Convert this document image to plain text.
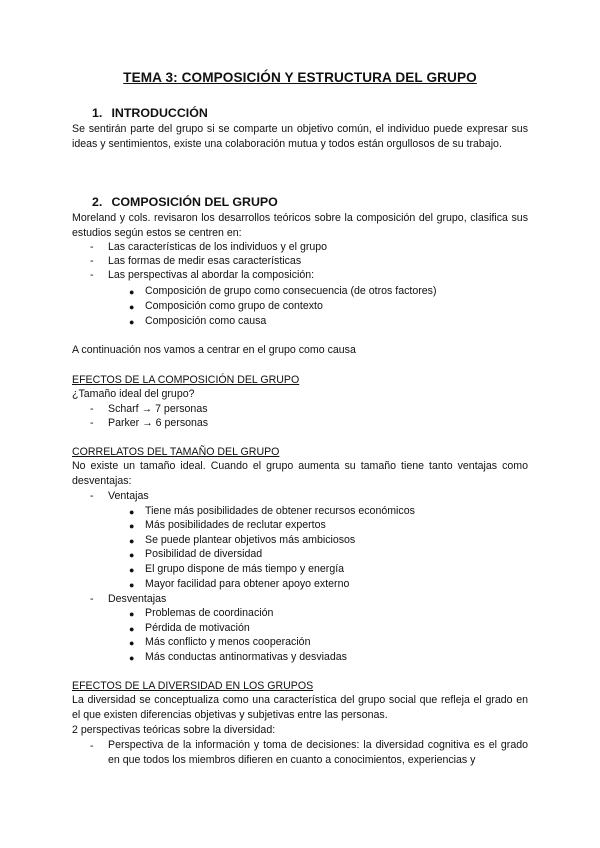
TEMA 3: COMPOSICIÓN Y ESTRUCTURA DEL GRUPO
1. INTRODUCCIÓN
Se sentirán parte del grupo si se comparte un objetivo común, el individuo puede expresar sus ideas y sentimientos, existe una colaboración mutua y todos están orgullosos de su trabajo.
2. COMPOSICIÓN DEL GRUPO
Moreland y cols. revisaron los desarrollos teóricos sobre la composición del grupo, clasifica sus estudios según estos se centren en:
- Las características de los individuos y el grupo
- Las formas de medir esas características
- Las perspectivas al abordar la composición:
● Composición de grupo como consecuencia (de otros factores)
● Composición como grupo de contexto
● Composición como causa
A continuación nos vamos a centrar en el grupo como causa
EFECTOS DE LA COMPOSICIÓN DEL GRUPO
¿Tamaño ideal del grupo?
- Scharf → 7 personas
- Parker → 6 personas
CORRELATOS DEL TAMAÑO DEL GRUPO
No existe un tamaño ideal. Cuando el grupo aumenta su tamaño tiene tanto ventajas como desventajas:
- Ventajas
● Tiene más posibilidades de obtener recursos económicos
● Más posibilidades de reclutar expertos
● Se puede plantear objetivos más ambiciosos
● Posibilidad de diversidad
● El grupo dispone de más tiempo y energía
● Mayor facilidad para obtener apoyo externo
- Desventajas
● Problemas de coordinación
● Pérdida de motivación
● Más conflicto y menos cooperación
● Más conductas antinormativas y desviadas
EFECTOS DE LA DIVERSIDAD EN LOS GRUPOS
La diversidad se conceptualiza como una característica del grupo social que refleja el grado en el que existen diferencias objetivas y subjetivas entre las personas.
2 perspectivas teóricas sobre la diversidad:
- Perspectiva de la información y toma de decisiones: la diversidad cognitiva es el grado en que todos los miembros difieren en cuanto a conocimientos, experiencias y
